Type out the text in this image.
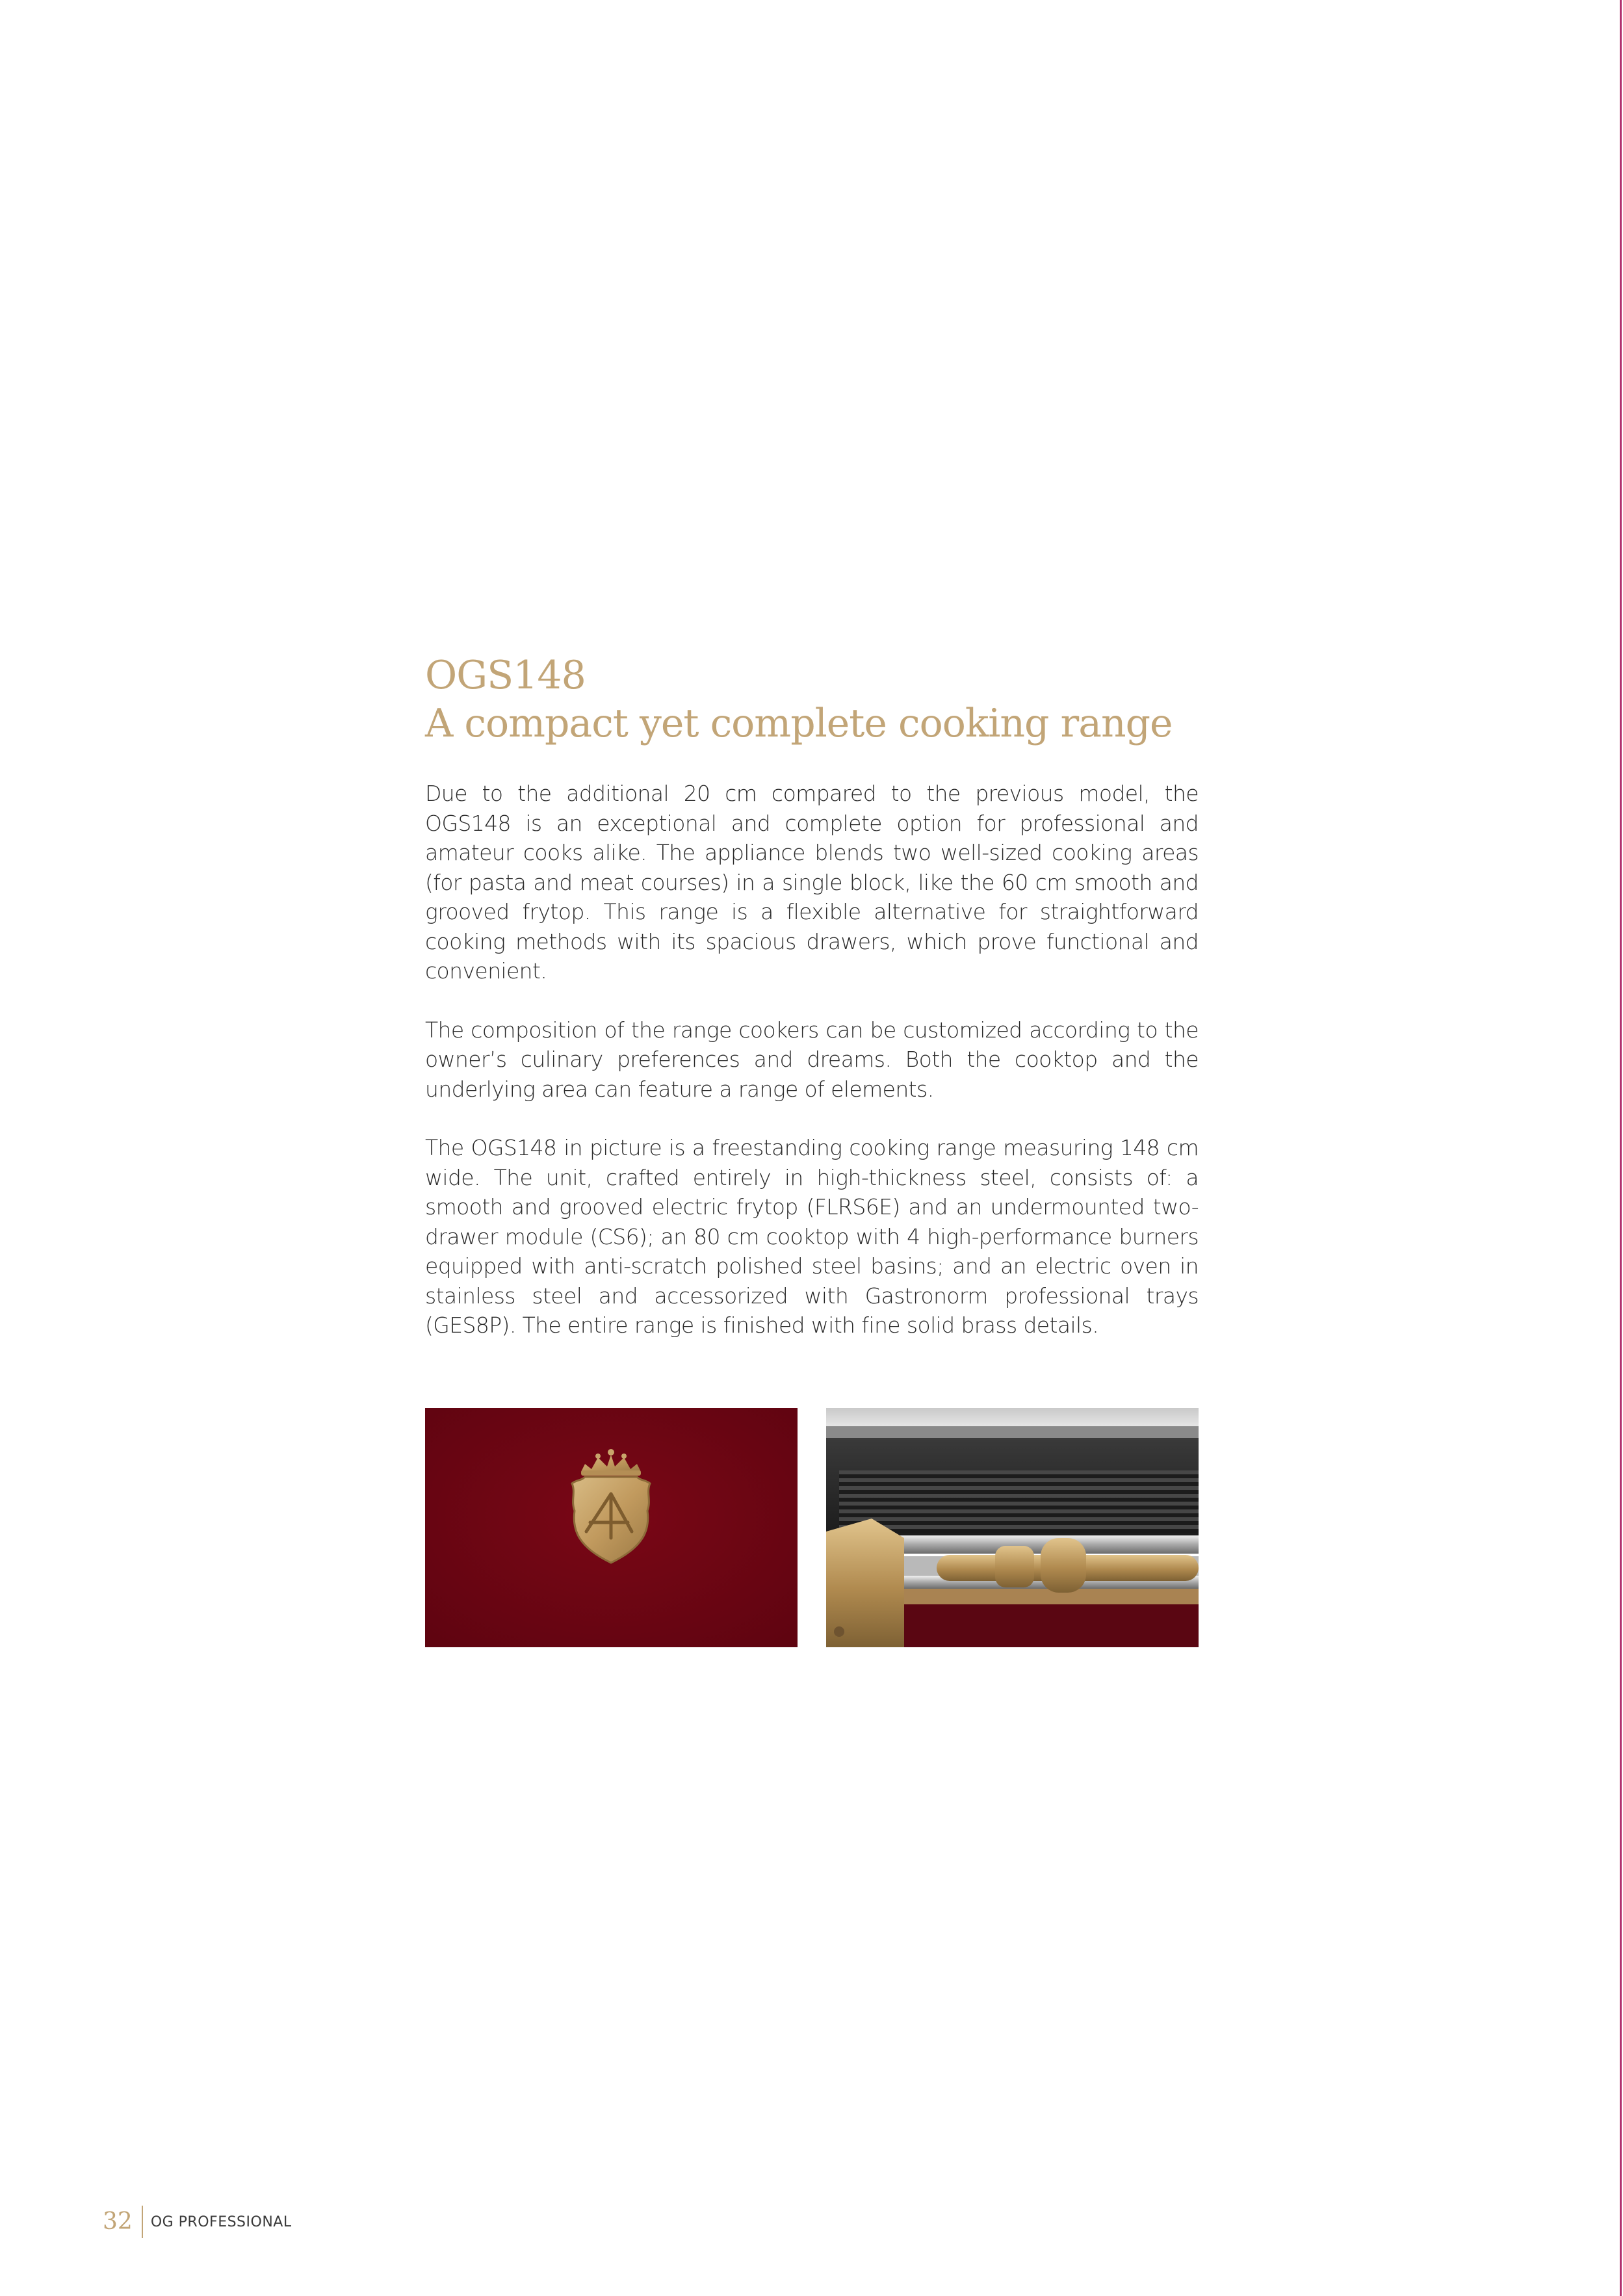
OGS148
A compact yet complete cooking range

Due to the additional 20 cm compared to the previous model, the OGS148 is an exceptional and complete option for professional and amateur cooks alike. The appliance blends two well-sized cooking areas (for pasta and meat courses) in a single block, like the 60 cm smooth and grooved frytop. This range is a flexible alternative for straightforward cooking methods with its spacious drawers, which prove functional and convenient.

The composition of the range cookers can be customized according to the owner’s culinary preferences and dreams. Both the cooktop and the underlying area can feature a range of elements.

The OGS148 in picture is a freestanding cooking range measuring 148 cm wide. The unit, crafted entirely in high-thickness steel, consists of: a smooth and grooved electric frytop (FLRS6E) and an undermounted two-drawer module (CS6); an 80 cm cooktop with 4 high-performance burners equipped with anti-scratch polished steel basins; and an electric oven in stainless steel and accessorized with Gastronorm professional trays (GES8P). The entire range is finished with fine solid brass details.

32 OG PROFESSIONAL
